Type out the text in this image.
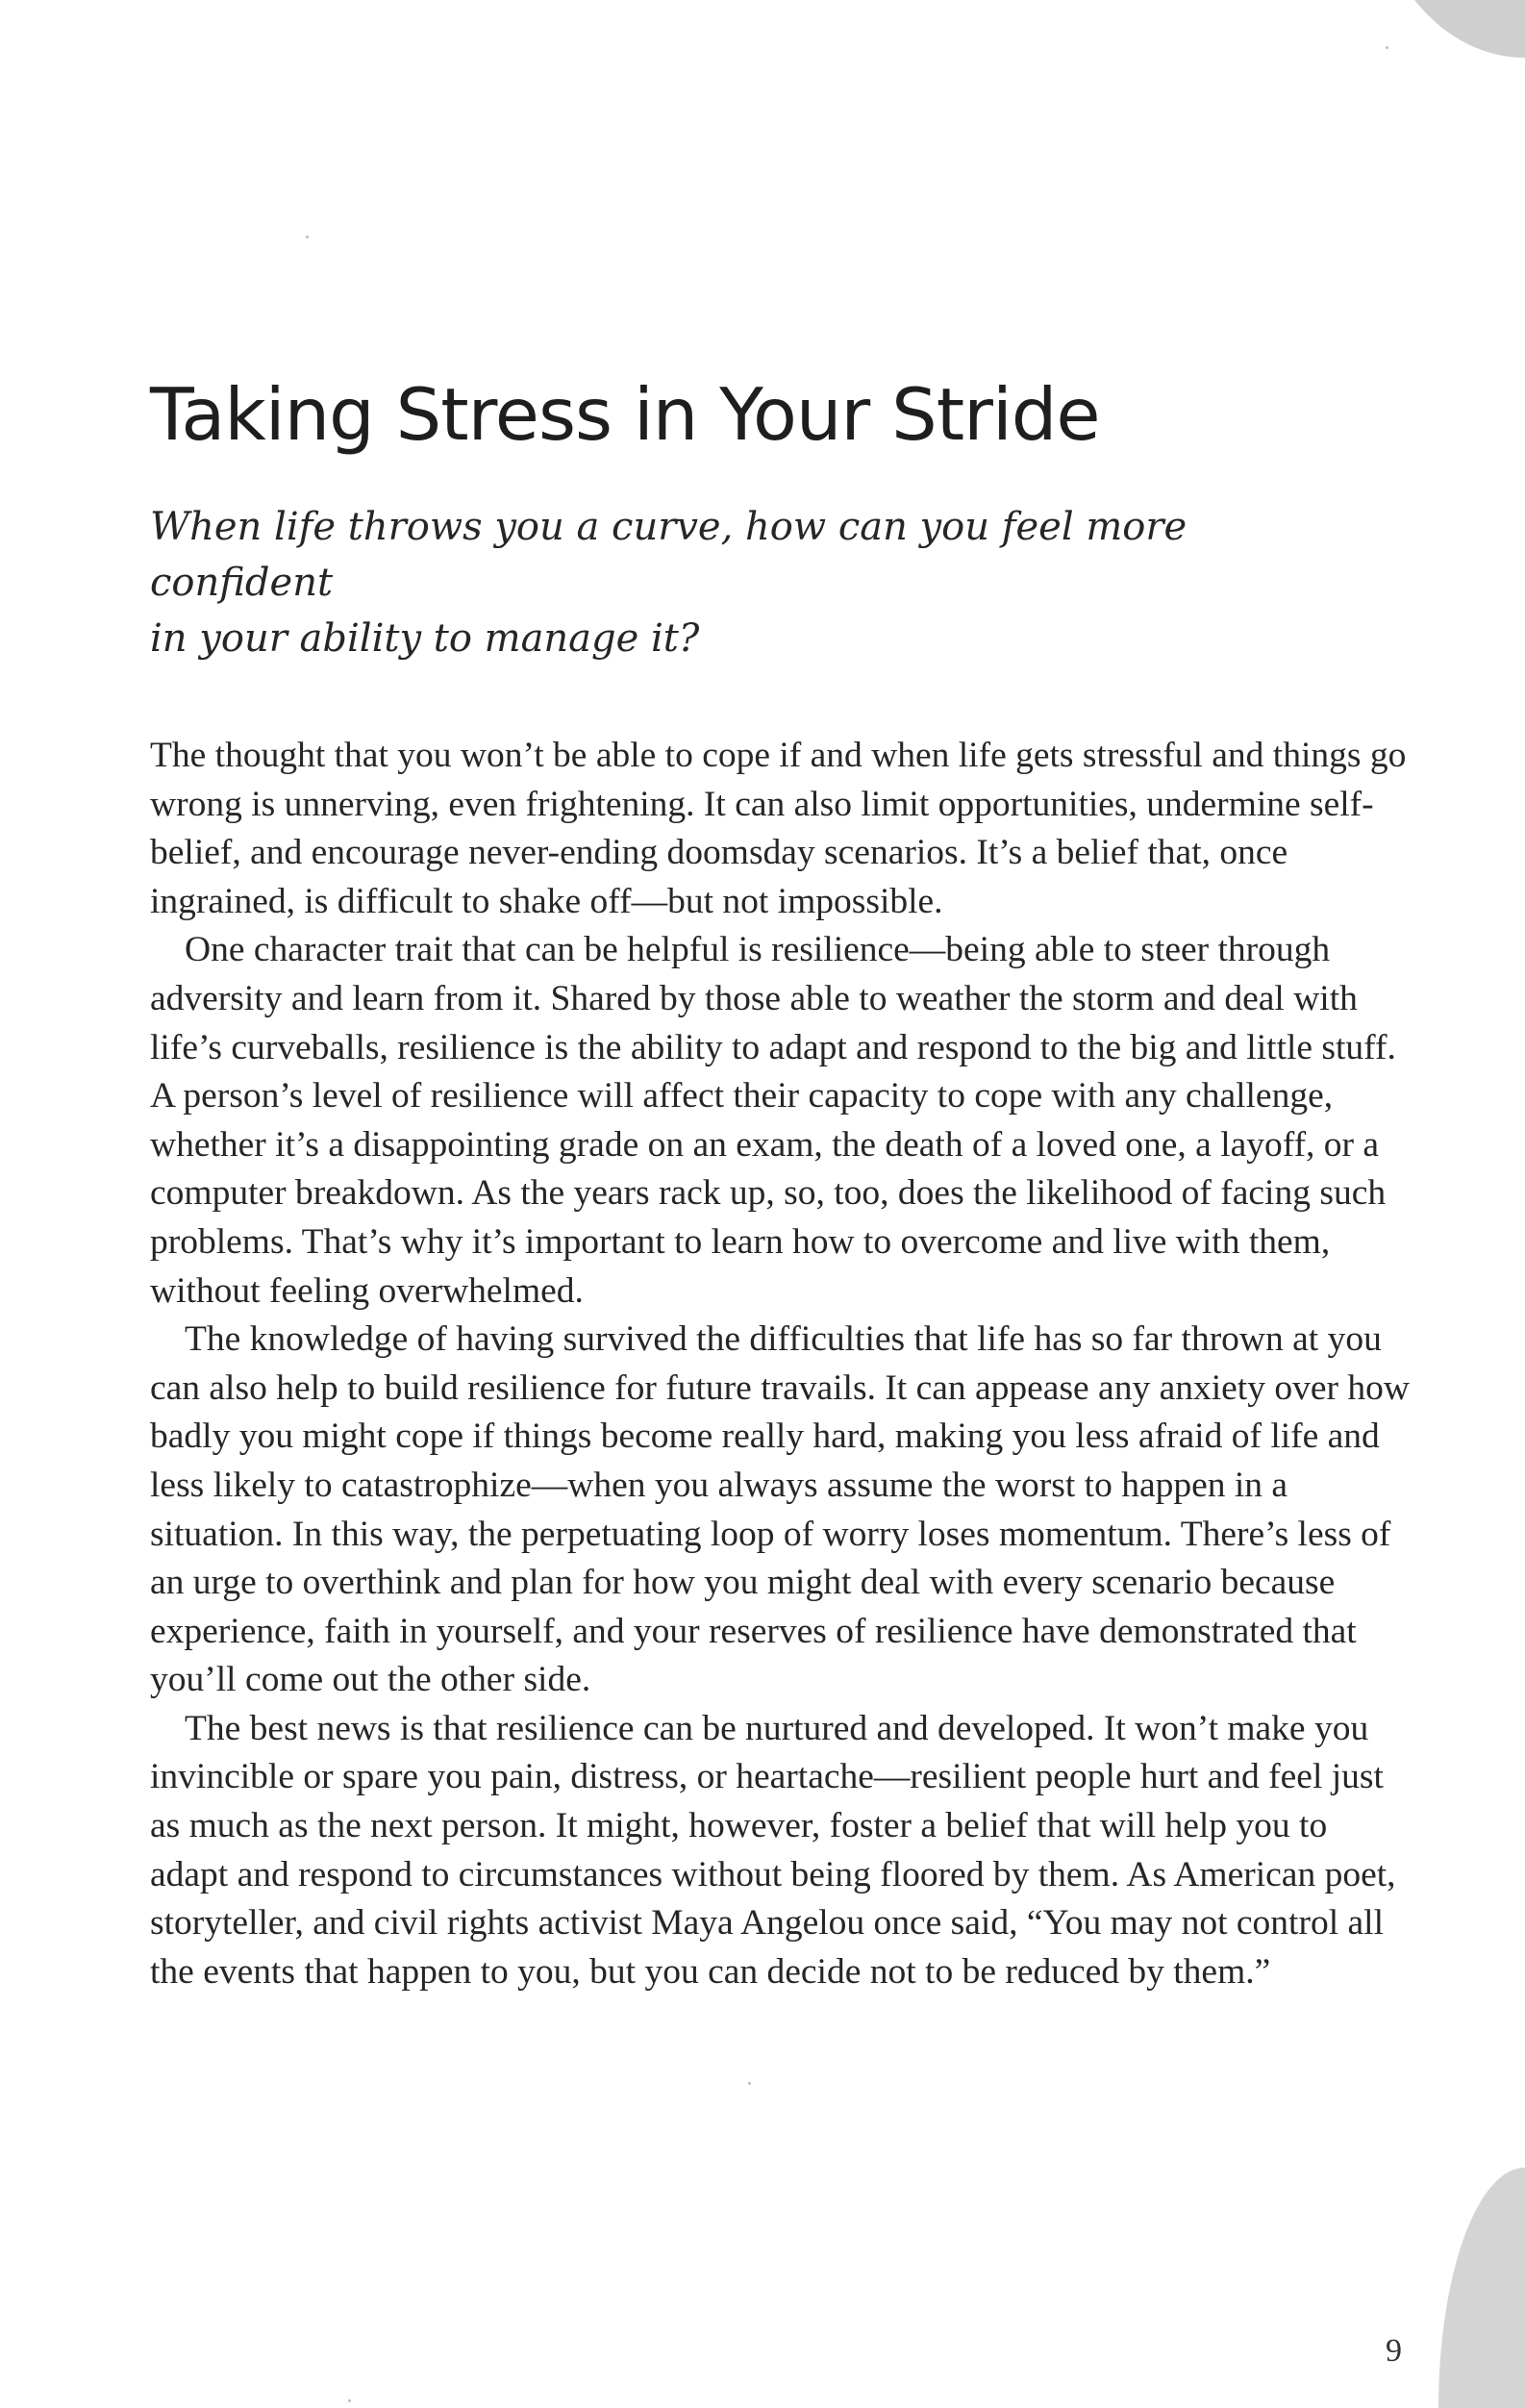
Taking Stress in Your Stride
When life throws you a curve, how can you feel more confident
in your ability to manage it?

The thought that you won’t be able to cope if and when life gets stressful and things go wrong is unnerving, even frightening. It can also limit opportunities, undermine self-belief, and encourage never-ending doomsday scenarios. It’s a belief that, once ingrained, is difficult to shake off—but not impossible.

One character trait that can be helpful is resilience—being able to steer through adversity and learn from it. Shared by those able to weather the storm and deal with life’s curveballs, resilience is the ability to adapt and respond to the big and little stuff. A person’s level of resilience will affect their capacity to cope with any challenge, whether it’s a disappointing grade on an exam, the death of a loved one, a layoff, or a computer breakdown. As the years rack up, so, too, does the likelihood of facing such problems. That’s why it’s important to learn how to overcome and live with them, without feeling overwhelmed.

The knowledge of having survived the difficulties that life has so far thrown at you can also help to build resilience for future travails. It can appease any anxiety over how badly you might cope if things become really hard, making you less afraid of life and less likely to catastrophize—when you always assume the worst to happen in a situation. In this way, the perpetuating loop of worry loses momentum. There’s less of an urge to overthink and plan for how you might deal with every scenario because experience, faith in yourself, and your reserves of resilience have demonstrated that you’ll come out the other side.

The best news is that resilience can be nurtured and developed. It won’t make you invincible or spare you pain, distress, or heartache—resilient people hurt and feel just as much as the next person. It might, however, foster a belief that will help you to adapt and respond to circumstances without being floored by them. As American poet, storyteller, and civil rights activist Maya Angelou once said, “You may not control all the events that happen to you, but you can decide not to be reduced by them.”

9
